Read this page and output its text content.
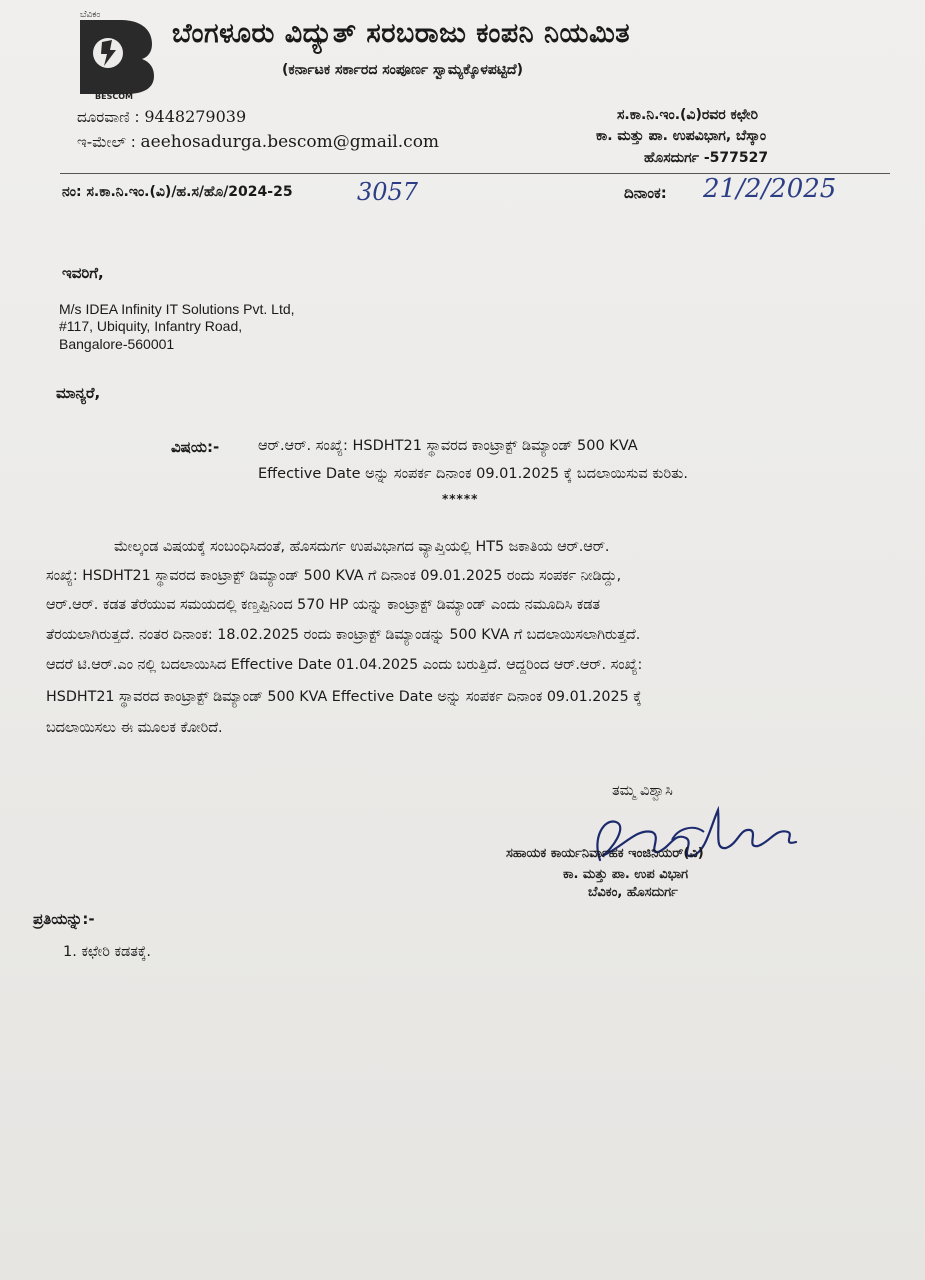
ಬೆವಿಕಂ
BESCOM
ಬೆಂಗಳೂರು ವಿದ್ಯುತ್ ಸರಬರಾಜು ಕಂಪನಿ ನಿಯಮಿತ
(ಕರ್ನಾಟಕ ಸರ್ಕಾರದ ಸಂಪೂರ್ಣ ಸ್ವಾಮ್ಯಕ್ಕೊಳಪಟ್ಟಿದೆ)
ದೂರವಾಣಿ : 9448279039
ಇ-ಮೇಲ್ : aeehosadurga.bescom@gmail.com
ಸ.ಕಾ.ನಿ.ಇಂ.(ವಿ)ರವರ ಕಛೇರಿ
ಕಾ. ಮತ್ತು ಪಾ. ಉಪವಿಭಾಗ, ಬೆಸ್ಕಾಂ
ಹೊಸದುರ್ಗ -577527
ನಂ: ಸ.ಕಾ.ನಿ.ಇಂ.(ವಿ)/ಹ.ಸ/ಹೊ/2024-25	3057	ದಿನಾಂಕ: 21/2/2025
ಇವರಿಗೆ,
M/s IDEA Infinity IT Solutions Pvt. Ltd,
#117, Ubiquity, Infantry Road,
Bangalore-560001
ಮಾನ್ಯರೆ,
ವಿಷಯ:-	ಆರ್.ಆರ್. ಸಂಖ್ಯೆ: HSDHT21 ಸ್ಥಾವರದ ಕಾಂಟ್ರಾಕ್ಟ್ ಡಿಮ್ಯಾಂಡ್ 500 KVA
Effective Date ಅನ್ನು ಸಂಪರ್ಕ ದಿನಾಂಕ 09.01.2025 ಕ್ಕೆ ಬದಲಾಯಿಸುವ ಕುರಿತು.
*****
ಮೇಲ್ಕಂಡ ವಿಷಯಕ್ಕೆ ಸಂಬಂಧಿಸಿದಂತೆ, ಹೊಸದುರ್ಗ ಉಪವಿಭಾಗದ ವ್ಯಾಪ್ತಿಯಲ್ಲಿ HT5 ಜಕಾತಿಯ ಆರ್.ಆರ್.
ಸಂಖ್ಯೆ: HSDHT21 ಸ್ಥಾವರದ ಕಾಂಟ್ರಾಕ್ಟ್ ಡಿಮ್ಯಾಂಡ್ 500 KVA ಗೆ ದಿನಾಂಕ 09.01.2025 ರಂದು ಸಂಪರ್ಕ ನೀಡಿದ್ದು,
ಆರ್.ಆರ್. ಕಡತ ತೆರೆಯುವ ಸಮಯದಲ್ಲಿ ಕಣ್ತಪ್ಪಿನಿಂದ 570 HP ಯನ್ನು ಕಾಂಟ್ರಾಕ್ಟ್ ಡಿಮ್ಯಾಂಡ್ ಎಂದು ನಮೂದಿಸಿ ಕಡತ
ತೆರಯಲಾಗಿರುತ್ತದೆ. ನಂತರ ದಿನಾಂಕ: 18.02.2025 ರಂದು ಕಾಂಟ್ರಾಕ್ಟ್ ಡಿಮ್ಯಾಂಡನ್ನು 500 KVA ಗೆ ಬದಲಾಯಿಸಲಾಗಿರುತ್ತದೆ.
ಆದರೆ ಟಿ.ಆರ್.ಎಂ ನಲ್ಲಿ ಬದಲಾಯಿಸಿದ Effective Date 01.04.2025 ಎಂದು ಬರುತ್ತಿದೆ. ಆದ್ದರಿಂದ ಆರ್.ಆರ್. ಸಂಖ್ಯೆ:
HSDHT21 ಸ್ಥಾವರದ ಕಾಂಟ್ರಾಕ್ಟ್ ಡಿಮ್ಯಾಂಡ್ 500 KVA Effective Date ಅನ್ನು ಸಂಪರ್ಕ ದಿನಾಂಕ 09.01.2025 ಕ್ಕೆ
ಬದಲಾಯಿಸಲು ಈ ಮೂಲಕ ಕೋರಿದೆ.
ತಮ್ಮ ವಿಶ್ವಾಸಿ
ಸಹಾಯಕ ಕಾರ್ಯನಿರ್ವಾಹಕ ಇಂಜಿನಿಯರ್(ವಿ)
ಕಾ. ಮತ್ತು ಪಾ. ಉಪ ವಿಭಾಗ
ಬೆವಿಕಂ, ಹೊಸದುರ್ಗ
ಪ್ರತಿಯನ್ನು:-
1. ಕಛೇರಿ ಕಡತಕ್ಕೆ.
